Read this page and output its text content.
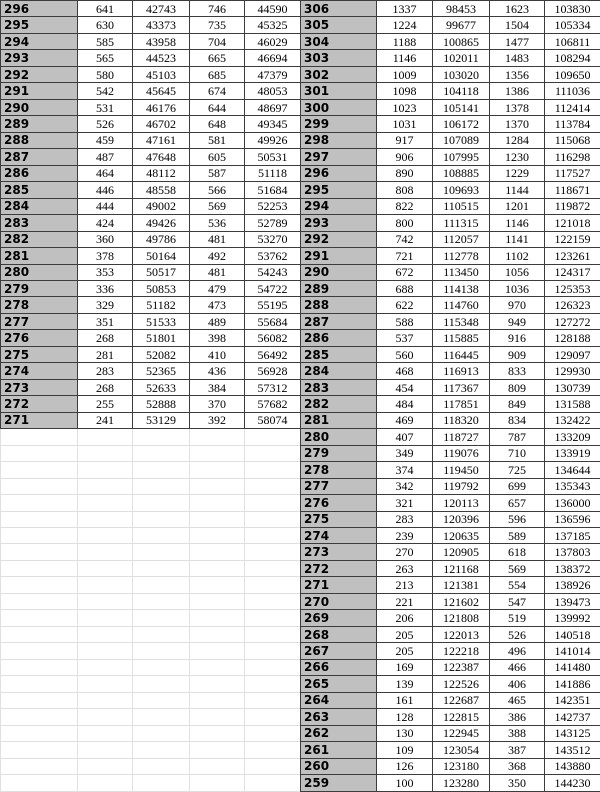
296	641	42743	746	44590
295	630	43373	735	45325
294	585	43958	704	46029
293	565	44523	665	46694
292	580	45103	685	47379
291	542	45645	674	48053
290	531	46176	644	48697
289	526	46702	648	49345
288	459	47161	581	49926
287	487	47648	605	50531
286	464	48112	587	51118
285	446	48558	566	51684
284	444	49002	569	52253
283	424	49426	536	52789
282	360	49786	481	53270
281	378	50164	492	53762
280	353	50517	481	54243
279	336	50853	479	54722
278	329	51182	473	55195
277	351	51533	489	55684
276	268	51801	398	56082
275	281	52082	410	56492
274	283	52365	436	56928
273	268	52633	384	57312
272	255	52888	370	57682
271	241	53129	392	58074

306	1337	98453	1623	103830
305	1224	99677	1504	105334
304	1188	100865	1477	106811
303	1146	102011	1483	108294
302	1009	103020	1356	109650
301	1098	104118	1386	111036
300	1023	105141	1378	112414
299	1031	106172	1370	113784
298	917	107089	1284	115068
297	906	107995	1230	116298
296	890	108885	1229	117527
295	808	109693	1144	118671
294	822	110515	1201	119872
293	800	111315	1146	121018
292	742	112057	1141	122159
291	721	112778	1102	123261
290	672	113450	1056	124317
289	688	114138	1036	125353
288	622	114760	970	126323
287	588	115348	949	127272
286	537	115885	916	128188
285	560	116445	909	129097
284	468	116913	833	129930
283	454	117367	809	130739
282	484	117851	849	131588
281	469	118320	834	132422
280	407	118727	787	133209
279	349	119076	710	133919
278	374	119450	725	134644
277	342	119792	699	135343
276	321	120113	657	136000
275	283	120396	596	136596
274	239	120635	589	137185
273	270	120905	618	137803
272	263	121168	569	138372
271	213	121381	554	138926
270	221	121602	547	139473
269	206	121808	519	139992
268	205	122013	526	140518
267	205	122218	496	141014
266	169	122387	466	141480
265	139	122526	406	141886
264	161	122687	465	142351
263	128	122815	386	142737
262	130	122945	388	143125
261	109	123054	387	143512
260	126	123180	368	143880
259	100	123280	350	144230
